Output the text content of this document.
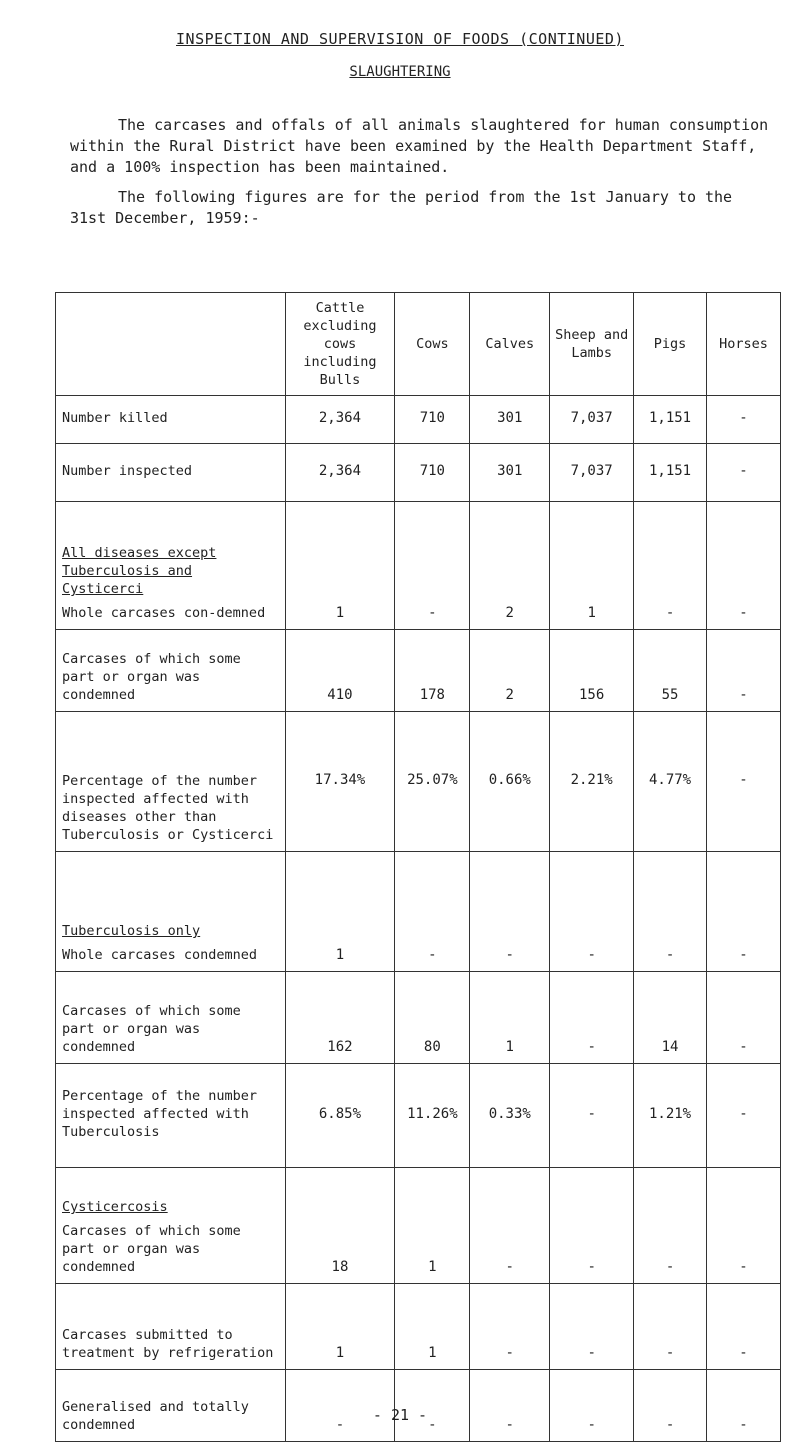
INSPECTION AND SUPERVISION OF FOODS (CONTINUED)
SLAUGHTERING
The carcases and offals of all animals slaughtered for human consumption within the Rural District have been examined by the Health Department Staff, and a 100% inspection has been maintained.
The following figures are for the period from the 1st January to the 31st December, 1959:-
	Cattle excluding cows including Bulls	Cows	Calves	Sheep and Lambs	Pigs	Horses
Number killed	2,364	710	301	7,037	1,151	-
Number inspected	2,364	710	301	7,037	1,151	-

All diseases except Tuberculosis and Cysticerci
Whole carcases con-demned	1	-	2	1	-	-
Carcases of which some part or organ was condemned	410	178	2	156	55	-
Percentage of the number inspected affected with diseases other than Tuberculosis or Cysticerci	17.34%	25.07%	0.66%	2.21%	4.77%	-

Tuberculosis only
Whole carcases condemned	1	-	-	-	-	-
Carcases of which some part or organ was condemned	162	80	1	-	14	-
Percentage of the number inspected affected with Tuberculosis	6.85%	11.26%	0.33%	-	1.21%	-

Cysticercosis
Carcases of which some part or organ was condemned	18	1	-	-	-	-
Carcases submitted to treatment by refrigeration	1	1	-	-	-	-
Generalised and totally condemned	-	-	-	-	-	-
- 21 -
